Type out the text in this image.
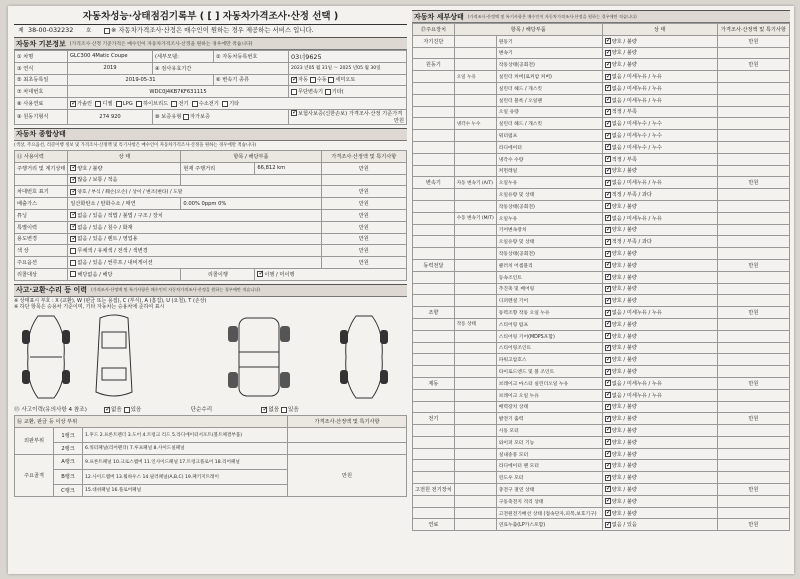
자동차성능·상태점검기록부 ( [ ] 자동차가격조사·산정 선택 )
제 38-00-032232	호	※ 자동차가격조사·산정은 매수인이 원하는 경우 제공하는 서비스 입니다.
자동차 기본정보 (가격조사·산정 기준가격은 매수인이 자동차가격조사·산정을 원하는 경우에만 적습니다)
① 차명	GLC300 4Matic Coupe	(세부모델:	② 자동차등록번호	03너9625
③ 연식	2019	④ 검사유효기간		2023 년05 월 31일 ～ 2025 년05 월 30일
⑤ 최초등록일	2019-05-31		⑥ 변속기 종류	✓자동 수동 세미오토
⑦ 차대번호	WDC0J4KB7KF631115			무단변속기 기타(
⑧ 사용연료	✓가솔린 디젤 LPG 하이브리드 전기 수소전기 기타
⑨ 원동기형식	274 920	⑩ 보증유형 자가보증	✓보험사보증(신한손보) 가격조사·산정 기준가격
만원
자동차 종합상태
(색상, 주요옵션, 리콜이행 정보 및 가격조사·산정액 및 특기사항은 매수인이 자동차가격조사·산정을 원하는 경우에만 적습니다)
⑪ 사용이력	상 태	항목 / 해당부품		가격조사·산정액 및 특기사항
주행거리 및 계기상태	✓양호 / 불량	현재 주행거리	66,812 km	만원
	✓많음 / 보통 / 적음		
차대번호 표기	✓양호 / 부식 / 훼손(오손) / 상이 / 변조(변타) / 도말			만원
배출가스	일산화탄소 / 탄화수소 / 매연	0.00% 0ppm 0%		만원
튜닝	✓없음 / 있음 / 적법 / 불법 / 구조 / 장치			만원
특별이력	✓없음 / 있음 / 침수 / 화재			만원
용도변경	✓없음 / 있음 / 렌트 / 영업용			만원
색 상	무채색 / 유채색 / 전색 / 색변경			만원
주요옵션	없음 / 있음 / 썬루프 / 내비게이션			만원
리콜대상	해당없음 / 해당	리콜이행	✓이행 / 미이행
사고·교환·수리 등 이력 (가격조사·산정액 및 특기사항은 매수인이 자동차가격조사·산정을 원하는 경우에만 적습니다)
※ 상태표시 부호 : X (교환), W (판금 또는 용접), C (부식), A (흠집), U (요철), T (손상)
※ 하단 항목은 승용차 기준이며, 기타 자동차는 승용차에 준하여 표시
⑮ 사고이력(유의사항 4 참조) ✓	없음
있음	단순수리 ✓	없음
있음
⑯ 교환, 판금 등 이상 부위			가격조사·산정액 및 특기사항
외판부위	1랭크	1.후드 2.프론트펜더 3.도어 4.트렁크 리드 5.라디에이터서포트(볼트체결부품)	
	2랭크	6.쿼터패널(리어펜더) 7.루프패널 8.사이드실패널	
주요골격	A랭크	9.프론트패널 10.크로스멤버 11.인사이드패널 17.트렁크플로어 18.리어패널	만원
	B랭크	12.사이드멤버 13.휠하우스 14.필러패널(A,B,C) 19.패키지트레이	
	C랭크	15.대쉬패널 16.플로어패널	
자동차 세부상태 (가격조사·산정액 및 특기사항은 매수인이 자동차가격조사·산정을 원하는 경우에만 적습니다)
⑰주요장치	항목 / 해당부품		상 태	가격조사·산정액 및 특기사항
자기진단		원동기	✓양호 / 불량	만원
		변속기	✓양호 / 불량	
원동기		작동상태(공회전)	✓양호 / 불량	만원
	오일 누유	실린더 커버(로커암 커버)	✓없음 / 미세누유 / 누유	
		실린더 헤드 / 개스킷	✓없음 / 미세누유 / 누유	
		실린더 블록 / 오일팬	✓없음 / 미세누유 / 누유	
		오일 유량	✓적정 / 부족	
	냉각수 누수	실린더 헤드 / 개스킷	✓없음 / 미세누수 / 누수	
		워터펌프	✓없음 / 미세누수 / 누수	
		라디에이터	✓없음 / 미세누수 / 누수	
		냉각수 수량	✓적정 / 부족	
		커먼레일	✓양호 / 불량	
변속기	자동 변속기 (A/T)	오일누유	✓없음 / 미세누유 / 누유	만원
		오일유량 및 상태	✓적정 / 부족 / 과다	
		작동상태(공회전)	✓양호 / 불량	
	수동 변속기 (M/T)	오일누유	✓없음 / 미세누유 / 누유	
		기어변속장치	✓양호 / 불량	
		오일유량 및 상태	✓적정 / 부족 / 과다	
		작동상태(공회전)	✓양호 / 불량	
동력전달		클러치 어셈블리	✓양호 / 불량	만원
		등속조인트	✓양호 / 불량	
		추진축 및 베어링	✓양호 / 불량	
		디퍼렌셜 기어	✓양호 / 불량	
조향		동력조향 작동 오일 누유	✓없음 / 미세누유 / 누유	만원
	작동 상태	스티어링 펌프	✓양호 / 불량	
		스티어링 기어(MDPS포함)	✓양호 / 불량	
		스티어링조인트	✓양호 / 불량	
		파워고압호스	✓양호 / 불량	
		타이로드엔드 및 볼 조인트	✓양호 / 불량	
제동		브레이크 마스터 실린더오일 누유	✓없음 / 미세누유 / 누유	만원
		브레이크 오일 누유	✓없음 / 미세누유 / 누유	
		배력장치 상태	✓양호 / 불량	
전기		발전기 출력	✓양호 / 불량	만원
		시동 모터	✓양호 / 불량	
		와이퍼 모터 기능	✓양호 / 불량	
		실내송풍 모터	✓양호 / 불량	
		라디에이터 팬 모터	✓양호 / 불량	
		윈도우 모터	✓양호 / 불량	
고전원 전기장치		충전구 절연 상태	✓양호 / 불량	만원
		구동축전지 격리 상태	✓양호 / 불량	
		고전원전기배선 상태 (접속단자,피복,보호기구)	✓양호 / 불량	
연료		연료누출(LP가스포함)	✓없음 / 있음	만원
